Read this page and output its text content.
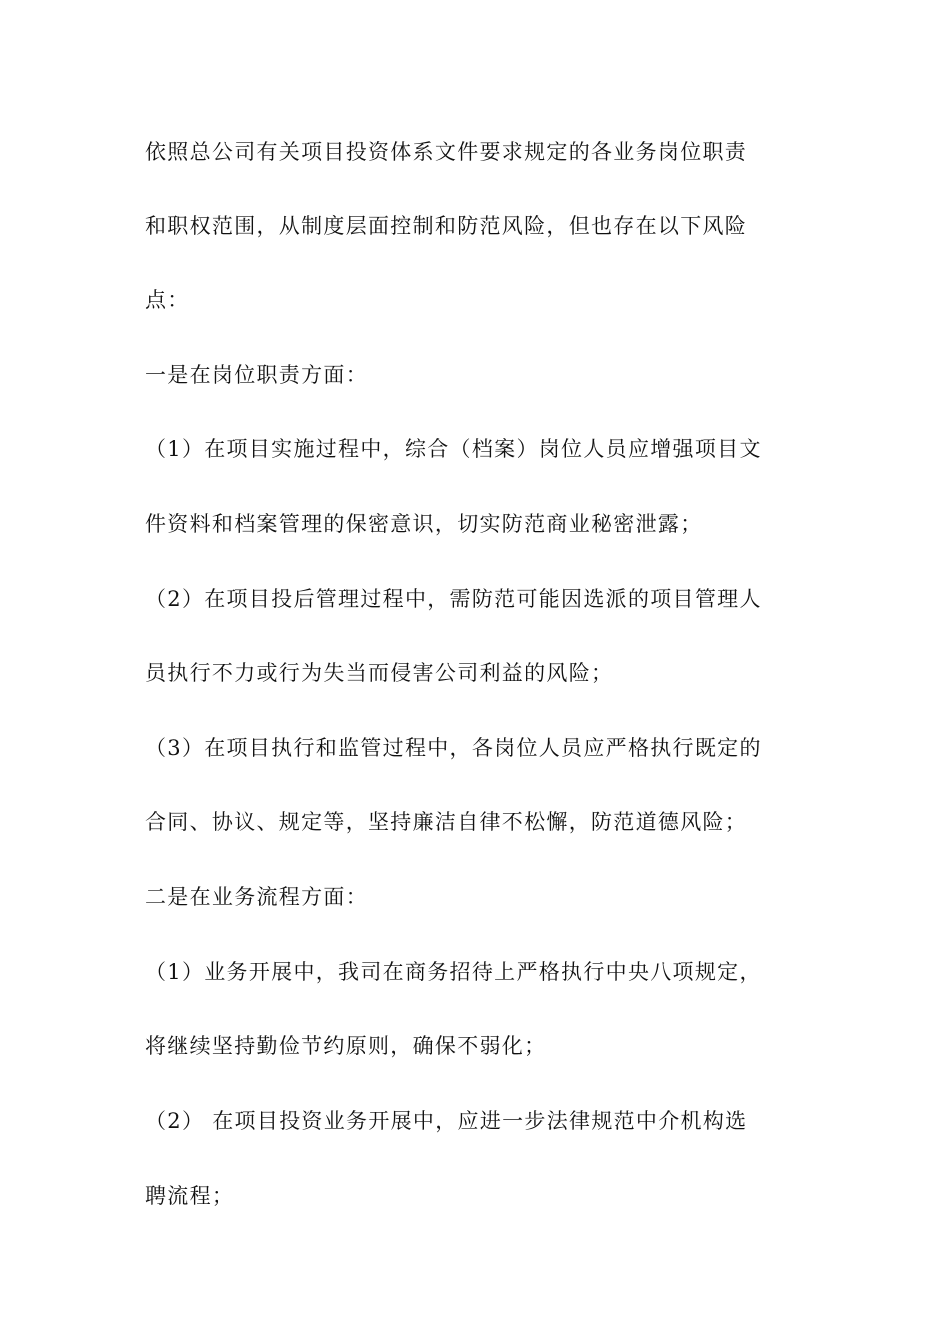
依照总公司有关项目投资体系文件要求规定的各业务岗位职责
和职权范围，从制度层面控制和防范风险，但也存在以下风险
点：
一是在岗位职责方面：
（1）在项目实施过程中，综合（档案）岗位人员应增强项目文
件资料和档案管理的保密意识，切实防范商业秘密泄露；
（2）在项目投后管理过程中，需防范可能因选派的项目管理人
员执行不力或行为失当而侵害公司利益的风险；
（3）在项目执行和监管过程中，各岗位人员应严格执行既定的
合同、协议、规定等，坚持廉洁自律不松懈，防范道德风险；
二是在业务流程方面：
（1）业务开展中，我司在商务招待上严格执行中央八项规定，
将继续坚持勤俭节约原则，确保不弱化；
（2） 在项目投资业务开展中，应进一步法律规范中介机构选
聘流程；
